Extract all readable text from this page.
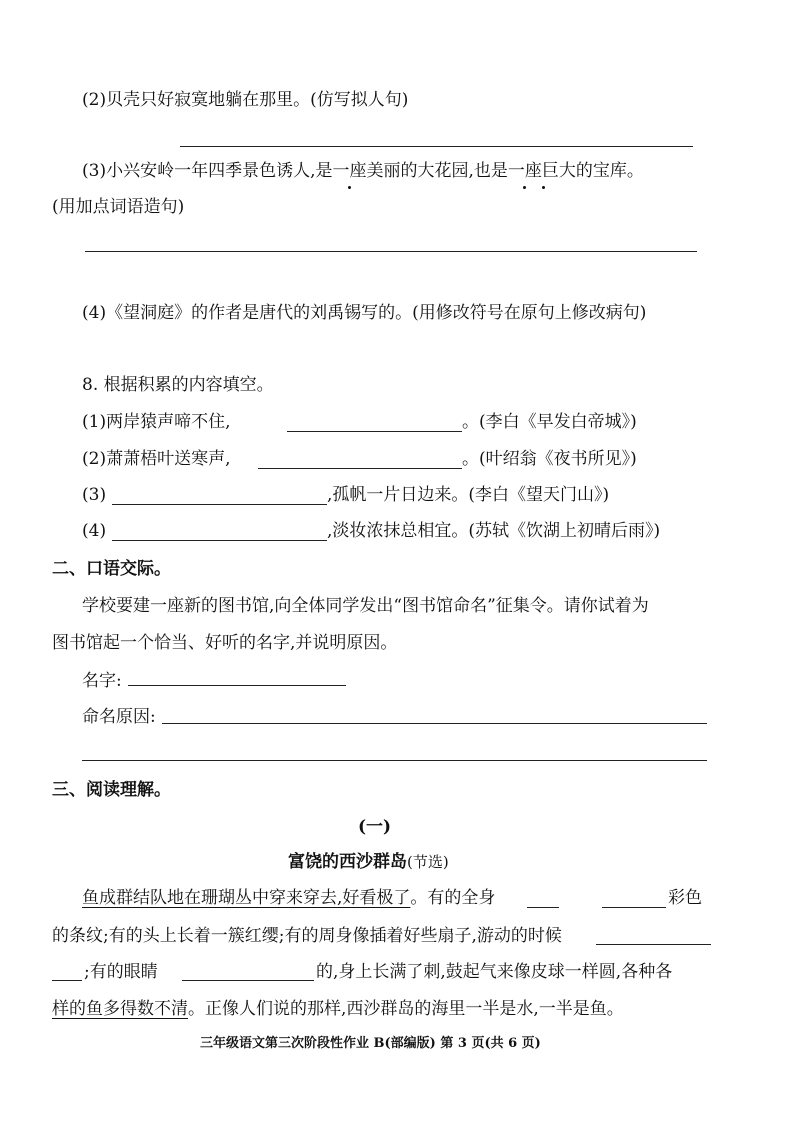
(2)贝壳只好寂寞地躺在那里。(仿写拟人句)
(3)小兴安岭一年四季景色诱人,是一座美丽的大花园,也是一座巨大的宝库。
(用加点词语造句)
(4)《望洞庭》的作者是唐代的刘禹锡写的。(用修改符号在原句上修改病句)
8. 根据积累的内容填空。
(1)两岸猿声啼不住,	。(李白《早发白帝城》)
(2)萧萧梧叶送寒声,	。(叶绍翁《夜书所见》)
(3)	,孤帆一片日边来。(李白《望天门山》)
(4)	,淡妆浓抹总相宜。(苏轼《饮湖上初晴后雨》)
二、口语交际。
学校要建一座新的图书馆,向全体同学发出“图书馆命名”征集令。请你试着为
图书馆起一个恰当、好听的名字,并说明原因。
名字:
命名原因:
三、阅读理解。
(一)
富饶的西沙群岛(节选)
鱼成群结队地在珊瑚丛中穿来穿去,好看极了。有的全身	彩色
的条纹;有的头上长着一簇红缨;有的周身像插着好些扇子,游动的时候
;有的眼睛	的,身上长满了刺,鼓起气来像皮球一样圆,各种各
样的鱼多得数不清。正像人们说的那样,西沙群岛的海里一半是水,一半是鱼。
三年级语文第三次阶段性作业 B(部编版) 第 3 页(共 6 页)
